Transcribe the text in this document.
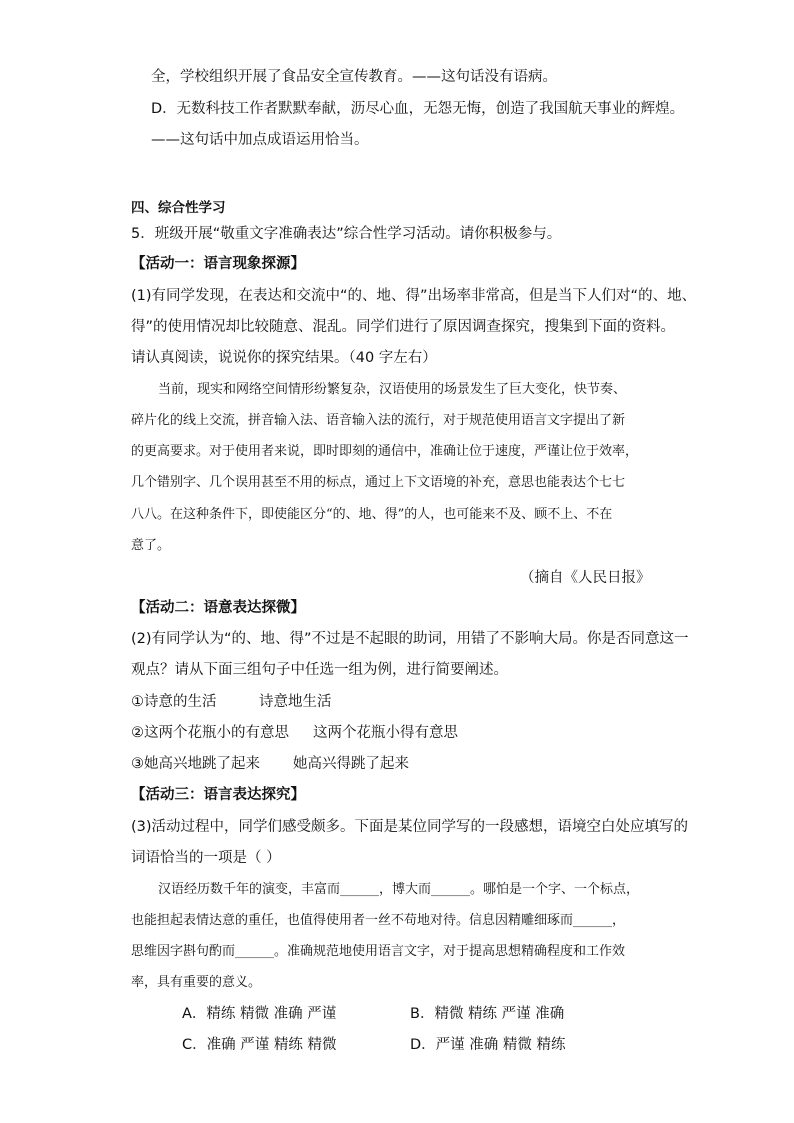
全，学校组织开展了食品安全宣传教育。——这句话没有语病。
D．无数科技工作者默默奉献，沥尽心血，无怨无悔，创造了我国航天事业的辉煌。
——这句话中加点成语运用恰当。
四、综合性学习
5．班级开展“敬重文字准确表达”综合性学习活动。请你积极参与。
【活动一：语言现象探源】
(1)有同学发现，在表达和交流中“的、地、得”出场率非常高，但是当下人们对“的、地、
得”的使用情况却比较随意、混乱。同学们进行了原因调查探究，搜集到下面的资料。
请认真阅读，说说你的探究结果。（40 字左右）
当前，现实和网络空间情形纷繁复杂，汉语使用的场景发生了巨大变化，快节奏、
碎片化的线上交流，拼音输入法、语音输入法的流行，对于规范使用语言文字提出了新
的更高要求。对于使用者来说，即时即刻的通信中，准确让位于速度，严谨让位于效率，
几个错别字、几个误用甚至不用的标点，通过上下文语境的补充，意思也能表达个七七
八八。在这种条件下，即使能区分“的、地、得”的人，也可能来不及、顾不上、不在
意了。
（摘自《人民日报》
【活动二：语意表达探微】
(2)有同学认为“的、地、得”不过是不起眼的助词，用错了不影响大局。你是否同意这一
观点？请从下面三组句子中任选一组为例，进行简要阐述。
①诗意的生活	诗意地生活
②这两个花瓶小的有意思 这两个花瓶小得有意思
③她高兴地跳了起来 她高兴得跳了起来
【活动三：语言表达探究】
(3)活动过程中，同学们感受颇多。下面是某位同学写的一段感想，语境空白处应填写的
词语恰当的一项是（ ）
汉语经历数千年的演变，丰富而______，博大而______。哪怕是一个字、一个标点，
也能担起表情达意的重任，也值得使用者一丝不苟地对待。信息因精雕细琢而______，
思维因字斟句酌而______。准确规范地使用语言文字，对于提高思想精确程度和工作效
率，具有重要的意义。
A．精练 精微 准确 严谨	B．精微 精练 严谨 准确
C．准确 严谨 精练 精微	D．严谨 准确 精微 精练
